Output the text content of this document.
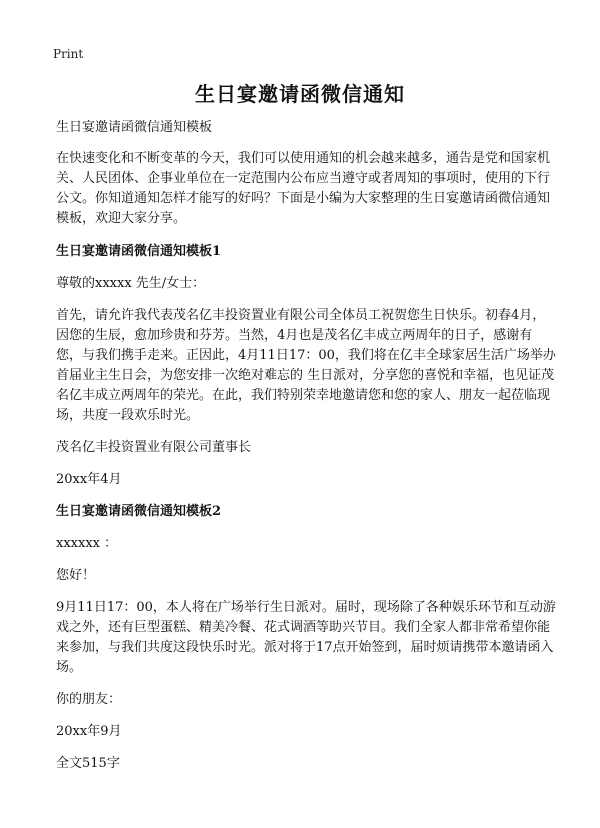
Print
生日宴邀请函微信通知

生日宴邀请函微信通知模板

在快速变化和不断变革的今天，我们可以使用通知的机会越来越多，通告是党和国家机关、人民团体、企事业单位在一定范围内公布应当遵守或者周知的事项时，使用的下行公文。你知道通知怎样才能写的好吗？下面是小编为大家整理的生日宴邀请函微信通知模板，欢迎大家分享。

生日宴邀请函微信通知模板1

尊敬的xxxxx 先生/女士：

首先，请允许我代表茂名亿丰投资置业有限公司全体员工祝贺您生日快乐。初春4月，因您的生辰，愈加珍贵和芬芳。当然，4月也是茂名亿丰成立两周年的日子，感谢有您，与我们携手走来。正因此，4月11日17：00，我们将在亿丰全球家居生活广场举办首届业主生日会，为您安排一次绝对难忘的 生日派对，分享您的喜悦和幸福，也见证茂名亿丰成立两周年的荣光。在此，我们特别荣幸地邀请您和您的家人、朋友一起莅临现场，共度一段欢乐时光。

茂名亿丰投资置业有限公司董事长

20xx年4月

生日宴邀请函微信通知模板2

xxxxxx ：

您好！

9月11日17：00，本人将在广场举行生日派对。届时，现场除了各种娱乐环节和互动游戏之外，还有巨型蛋糕、精美冷餐、花式调酒等助兴节目。我们全家人都非常希望你能来参加，与我们共度这段快乐时光。派对将于17点开始签到，届时烦请携带本邀请函入场。

你的朋友：

20xx年9月

全文515字
